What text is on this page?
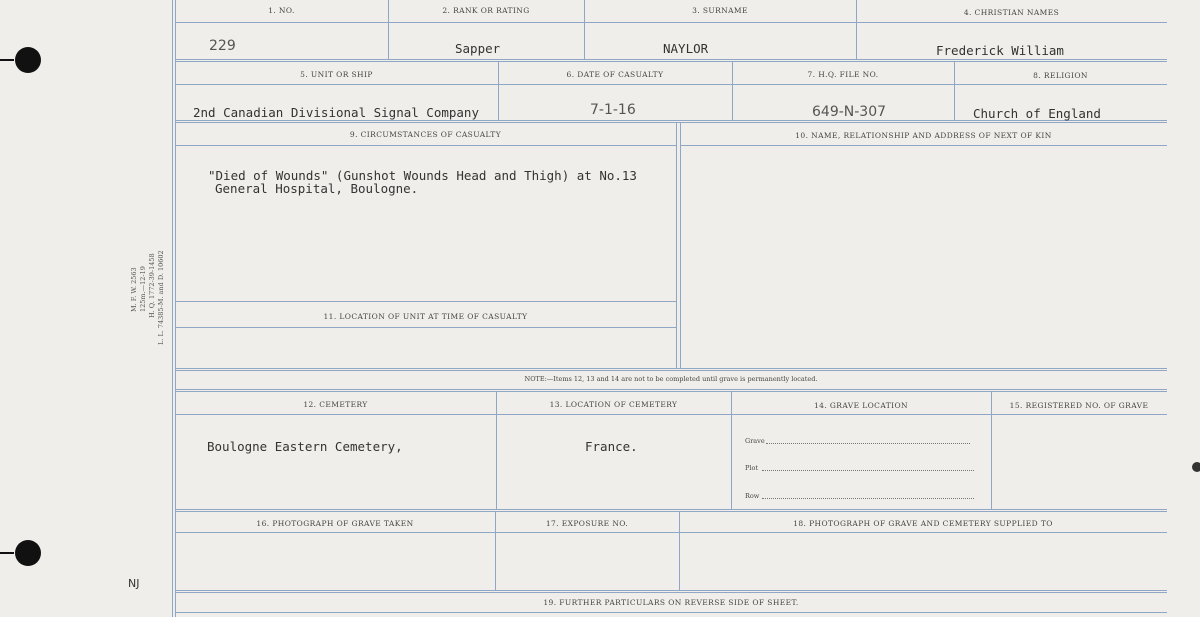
M. F. W. 2563 125m.—12-19 H. Q. 1772-39-1458 L. L. 74385-M. and D. 10602
NJ
1. NO.	2. RANK OR RATING	3. SURNAME	4. CHRISTIAN NAMES
229	Sapper	NAYLOR	Frederick William
5. UNIT OR SHIP	6. DATE OF CASUALTY	7. H.Q. FILE NO.	8. RELIGION
2nd Canadian Divisional Signal Company	7-1-16	649-N-307	Church of England
9. CIRCUMSTANCES OF CASUALTY	10. NAME, RELATIONSHIP AND ADDRESS OF NEXT OF KIN
"Died of Wounds" (Gunshot Wounds Head and Thigh) at No.13
General Hospital, Boulogne.
11. LOCATION OF UNIT AT TIME OF CASUALTY
NOTE:—Items 12, 13 and 14 are not to be completed until grave is permanently located.
12. CEMETERY	13. LOCATION OF CEMETERY	14. GRAVE LOCATION	15. REGISTERED NO. OF GRAVE
Boulogne Eastern Cemetery,	France.	Grave
Plot
Row
16. PHOTOGRAPH OF GRAVE TAKEN	17. EXPOSURE NO.	18. PHOTOGRAPH OF GRAVE AND CEMETERY SUPPLIED TO
19. FURTHER PARTICULARS ON REVERSE SIDE OF SHEET.
